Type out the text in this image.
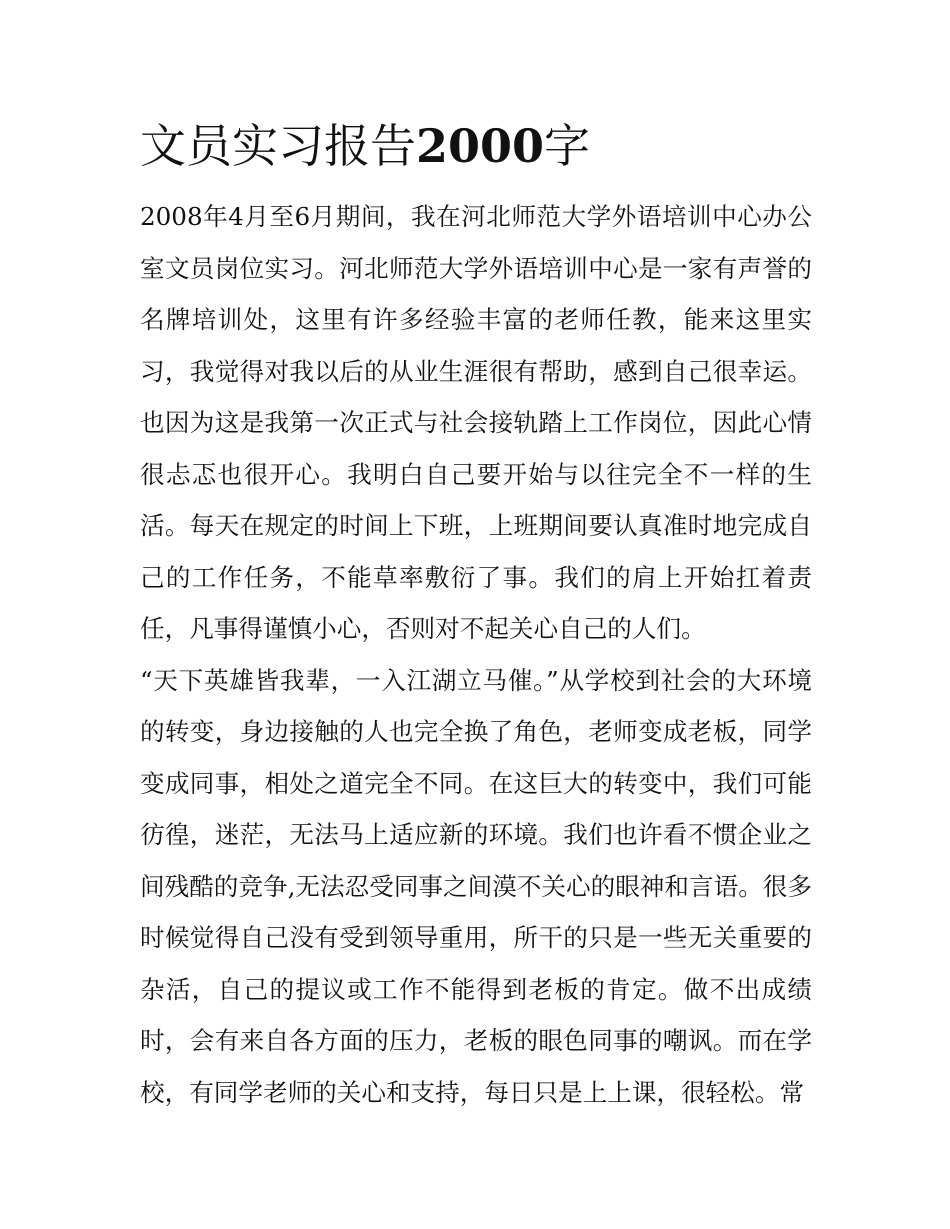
文员实习报告2000字

2008年4月至6月期间，我在河北师范大学外语培训中心办公室文员岗位实习。河北师范大学外语培训中心是一家有声誉的名牌培训处，这里有许多经验丰富的老师任教，能来这里实习，我觉得对我以后的从业生涯很有帮助，感到自己很幸运。也因为这是我第一次正式与社会接轨踏上工作岗位，因此心情很忐忑也很开心。我明白自己要开始与以往完全不一样的生活。每天在规定的时间上下班，上班期间要认真准时地完成自己的工作任务，不能草率敷衍了事。我们的肩上开始扛着责任，凡事得谨慎小心，否则对不起关心自己的人们。

“天下英雄皆我辈，一入江湖立马催。”从学校到社会的大环境的转变，身边接触的人也完全换了角色，老师变成老板，同学变成同事，相处之道完全不同。在这巨大的转变中，我们可能彷徨，迷茫，无法马上适应新的环境。我们也许看不惯企业之间残酷的竞争,无法忍受同事之间漠不关心的眼神和言语。很多时候觉得自己没有受到领导重用，所干的只是一些无关重要的杂活，自己的提议或工作不能得到老板的肯定。做不出成绩时，会有来自各方面的压力，老板的眼色同事的嘲讽。而在学校，有同学老师的关心和支持，每日只是上上课，很轻松。常
